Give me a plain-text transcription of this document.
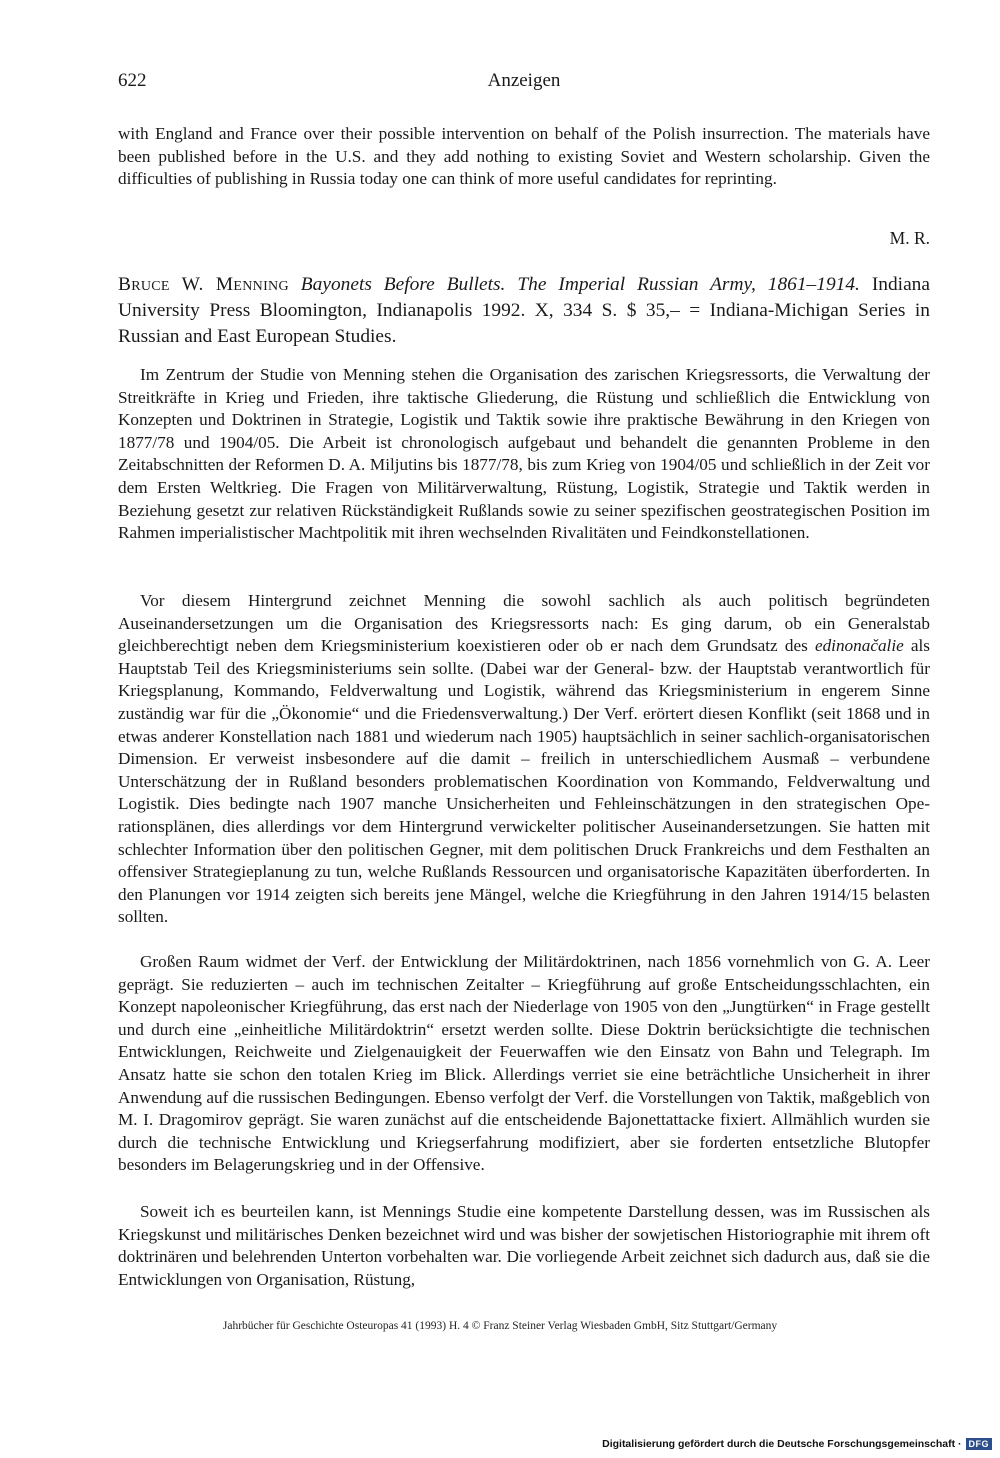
622	Anzeigen

with England and France over their possible intervention on behalf of the Polish insurrection. The materials have been published before in the U.S. and they add nothing to existing Soviet and Western scholarship. Given the difficulties of publishing in Russia today one can think of more useful candidates for reprinting.

M. R.

Bruce W. Menning Bayonets Before Bullets. The Imperial Russian Army, 1861–1914. Indiana University Press Bloomington, Indianapolis 1992. X, 334 S. $ 35,– = Indiana-Michigan Series in Russian and East European Studies.

Im Zentrum der Studie von Menning stehen die Organisation des zarischen Kriegsressorts, die Verwaltung der Streitkräfte in Krieg und Frieden, ihre taktische Gliederung, die Rüstung und schließlich die Entwicklung von Konzepten und Doktrinen in Strategie, Logistik und Taktik sowie ihre praktische Bewährung in den Kriegen von 1877/78 und 1904/05. Die Arbeit ist chronologisch aufgebaut und behandelt die genannten Probleme in den Zeitabschnitten der Reformen D. A. Miljutins bis 1877/78, bis zum Krieg von 1904/05 und schließlich in der Zeit vor dem Ersten Weltkrieg. Die Fragen von Militärverwaltung, Rüstung, Logistik, Strategie und Taktik werden in Beziehung gesetzt zur relativen Rückständigkeit Rußlands sowie zu seiner spezifischen geostrategischen Position im Rahmen imperialistischer Machtpolitik mit ihren wechselnden Rivalitäten und Feindkonstellationen.

Vor diesem Hintergrund zeichnet Menning die sowohl sachlich als auch politisch begründeten Auseinandersetzungen um die Organisation des Kriegsressorts nach: Es ging darum, ob ein Generalstab gleichberechtigt neben dem Kriegsministerium koexistieren oder ob er nach dem Grundsatz des edinonačalie als Hauptstab Teil des Kriegsministeriums sein sollte. (Dabei war der General- bzw. der Hauptstab verantwortlich für Kriegsplanung, Kommando, Feldverwaltung und Logistik, während das Kriegsministerium in engerem Sinne zuständig war für die „Ökonomie“ und die Friedensverwaltung.) Der Verf. erörtert diesen Konflikt (seit 1868 und in etwas anderer Konstellation nach 1881 und wiederum nach 1905) hauptsächlich in seiner sachlich-organisatorischen Dimension. Er verweist insbesondere auf die damit – freilich in unterschiedlichem Ausmaß – verbundene Unterschätzung der in Rußland besonders problematischen Koordination von Kommando, Feldverwaltung und Logistik. Dies bedingte nach 1907 manche Unsicherheiten und Fehleinschätzungen in den strategischen Operationsplänen, dies allerdings vor dem Hintergrund verwickelter politischer Auseinandersetzungen. Sie hatten mit schlechter Information über den politischen Gegner, mit dem politischen Druck Frankreichs und dem Festhalten an offensiver Strategieplanung zu tun, welche Rußlands Ressourcen und organisatorische Kapazitäten überforderten. In den Planungen vor 1914 zeigten sich bereits jene Mängel, welche die Kriegführung in den Jahren 1914/15 belasten sollten.

Großen Raum widmet der Verf. der Entwicklung der Militärdoktrinen, nach 1856 vornehmlich von G. A. Leer geprägt. Sie reduzierten – auch im technischen Zeitalter – Kriegführung auf große Entscheidungsschlachten, ein Konzept napoleonischer Kriegführung, das erst nach der Niederlage von 1905 von den „Jungtürken“ in Frage gestellt und durch eine „einheitliche Militärdoktrin“ ersetzt werden sollte. Diese Doktrin berücksichtigte die technischen Entwicklungen, Reichweite und Zielgenauigkeit der Feuerwaffen wie den Einsatz von Bahn und Telegraph. Im Ansatz hatte sie schon den totalen Krieg im Blick. Allerdings verriet sie eine beträchtliche Unsicherheit in ihrer Anwendung auf die russischen Bedingungen. Ebenso verfolgt der Verf. die Vorstellungen von Taktik, maßgeblich von M. I. Dragomirov geprägt. Sie waren zunächst auf die entscheidende Bajonettattacke fixiert. Allmählich wurden sie durch die technische Entwicklung und Kriegserfahrung modifiziert, aber sie forderten entsetzliche Blutopfer besonders im Belagerungskrieg und in der Offensive.

Soweit ich es beurteilen kann, ist Mennings Studie eine kompetente Darstellung dessen, was im Russischen als Kriegskunst und militärisches Denken bezeichnet wird und was bisher der sowjetischen Historiographie mit ihrem oft doktrinären und belehrenden Unterton vorbehalten war. Die vorliegende Arbeit zeichnet sich dadurch aus, daß sie die Entwicklungen von Organisation, Rüstung,

Jahrbücher für Geschichte Osteuropas 41 (1993) H. 4 © Franz Steiner Verlag Wiesbaden GmbH, Sitz Stuttgart/Germany
Digitalisierung gefördert durch die Deutsche Forschungsgemeinschaft · DFG
